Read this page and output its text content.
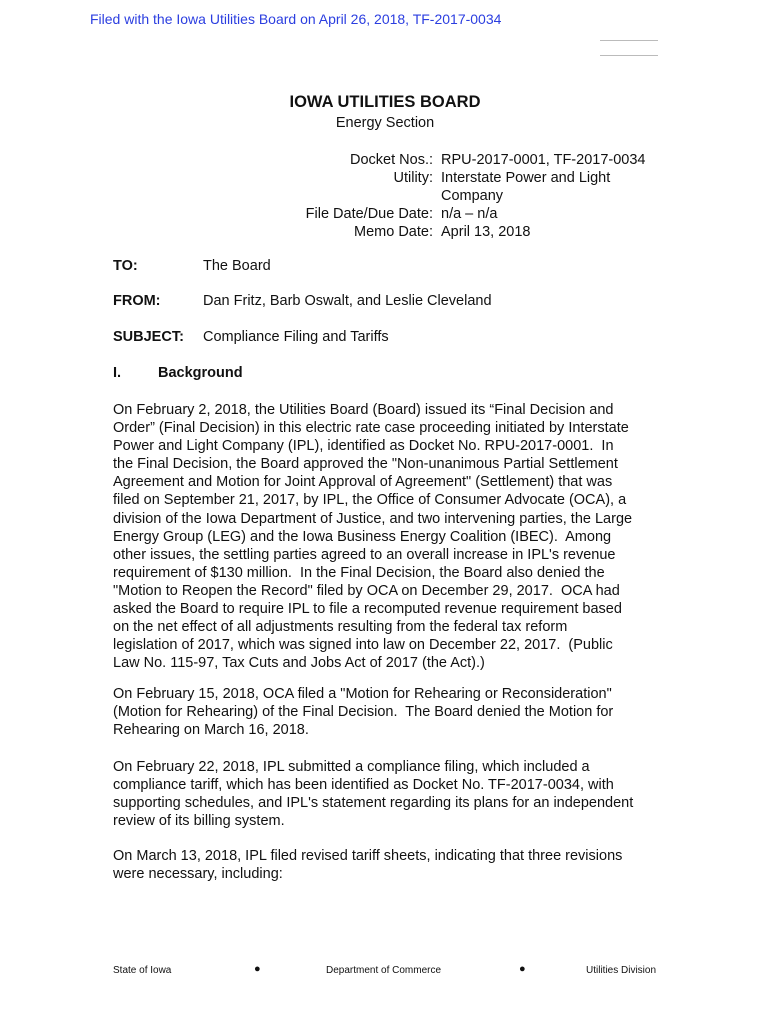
Filed with the Iowa Utilities Board on April 26, 2018, TF-2017-0034
IOWA UTILITIES BOARD
Energy Section
Docket Nos.: RPU-2017-0001, TF-2017-0034
Utility: Interstate Power and Light
Company
File Date/Due Date: n/a – n/a
Memo Date: April 13, 2018
TO:	The Board
FROM:	Dan Fritz, Barb Oswalt, and Leslie Cleveland
SUBJECT: Compliance Filing and Tariffs
I.	Background
On February 2, 2018, the Utilities Board (Board) issued its “Final Decision and
Order” (Final Decision) in this electric rate case proceeding initiated by Interstate
Power and Light Company (IPL), identified as Docket No. RPU-2017-0001.  In
the Final Decision, the Board approved the "Non-unanimous Partial Settlement
Agreement and Motion for Joint Approval of Agreement" (Settlement) that was
filed on September 21, 2017, by IPL, the Office of Consumer Advocate (OCA), a
division of the Iowa Department of Justice, and two intervening parties, the Large
Energy Group (LEG) and the Iowa Business Energy Coalition (IBEC).  Among
other issues, the settling parties agreed to an overall increase in IPL's revenue
requirement of $130 million.  In the Final Decision, the Board also denied the
"Motion to Reopen the Record" filed by OCA on December 29, 2017.  OCA had
asked the Board to require IPL to file a recomputed revenue requirement based
on the net effect of all adjustments resulting from the federal tax reform
legislation of 2017, which was signed into law on December 22, 2017.  (Public
Law No. 115-97, Tax Cuts and Jobs Act of 2017 (the Act).)
On February 15, 2018, OCA filed a "Motion for Rehearing or Reconsideration"
(Motion for Rehearing) of the Final Decision.  The Board denied the Motion for
Rehearing on March 16, 2018.
On February 22, 2018, IPL submitted a compliance filing, which included a
compliance tariff, which has been identified as Docket No. TF-2017-0034, with
supporting schedules, and IPL's statement regarding its plans for an independent
review of its billing system.
On March 13, 2018, IPL filed revised tariff sheets, indicating that three revisions
were necessary, including:
State of Iowa	●	Department of Commerce	●	Utilities Division
